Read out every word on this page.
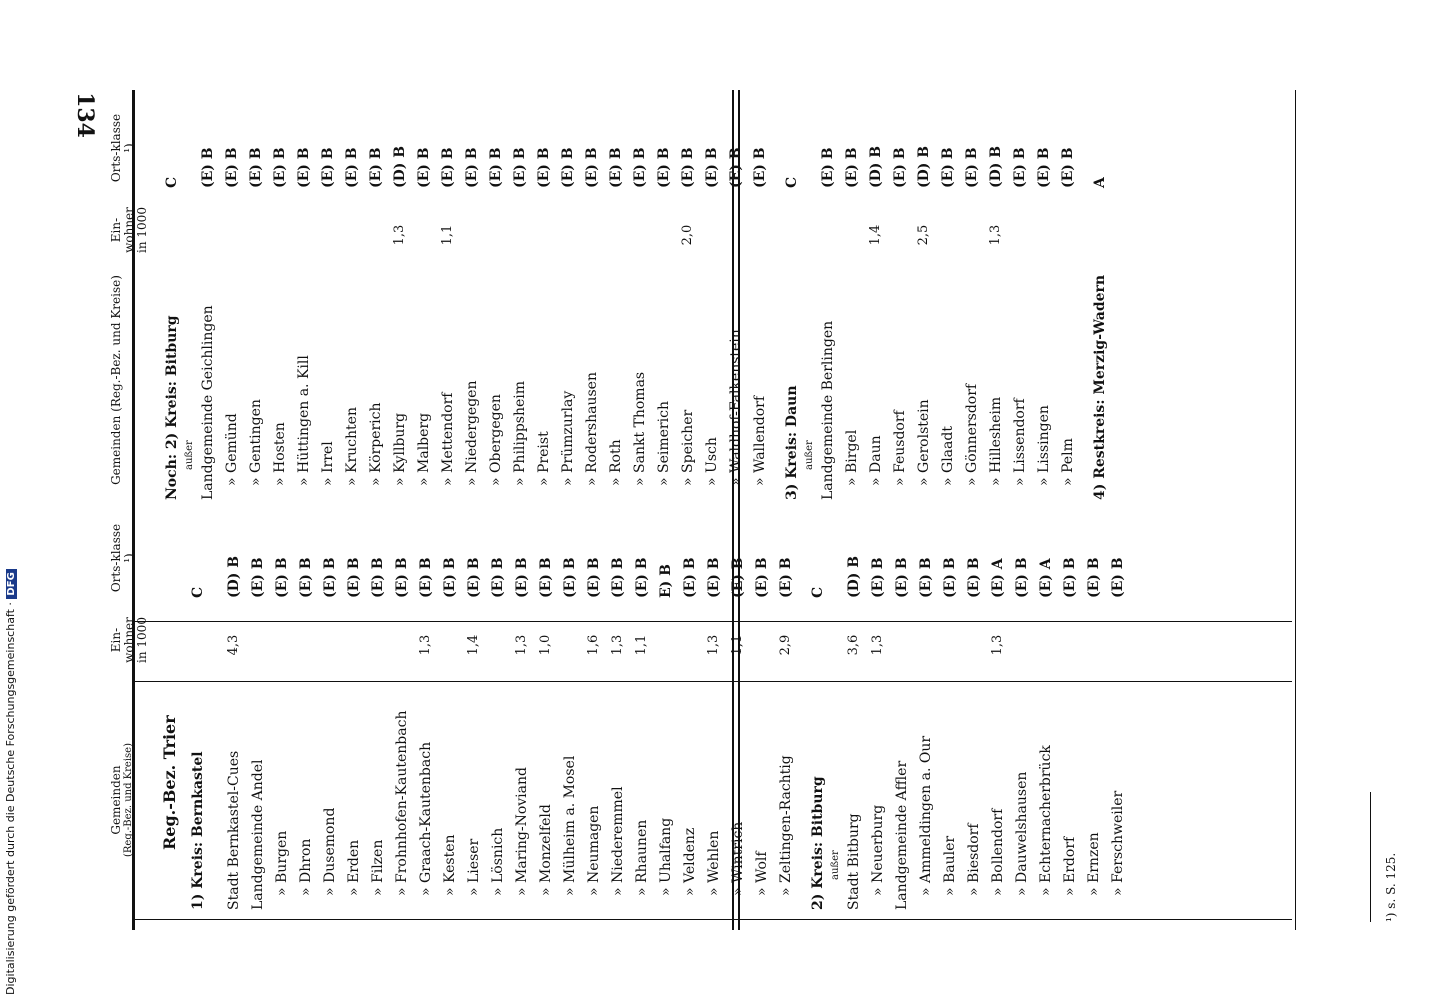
134
Gemeinden (Reg.-Bez. und Kreise) Reg.-Bez. Trier 1) Kreis: Bernkastel
C
Stadt Bernkastel-Cues
4,3
(D) B
Landgemeinde Andel
(E) B
» Burgen
(E) B
» Dhron
(E) B
» Dusemond
(E) B
» Erden
(E) B
» Filzen
(E) B
» Frohnhofen-Kautenbach
(E) B
» Graach-Kautenbach
1,3
(E) B
» Kesten
(E) B
» Lieser
1,4
(E) B
» Lösnich
(E) B
» Maring-Noviand
1,3
(E) B
» Monzelfeld
1,0
(E) B
» Mülheim a. Mosel
(E) B
» Neumagen
1,6
(E) B
» Niederemmel
1,3
(E) B
» Rhaunen
1,1
(E) B
» Uhalfang
E) B
» Veldenz
(E) B
» Wehlen
1,3
(E) B
» Wintrich
1,1
(E) B
» Wolf
(E) B
» Zeltingen-Rachtig
2,9
(E) B
2) Kreis: Bitburg
C
außer Stadt Bitburg
3,6
(D) B
» Neuerburg
1,3
(E) B
Landgemeinde Affler
(E) B
» Ammeldingen a. Our
(E) B
» Bauler
(E) B
» Biesdorf
(E) B
» Bollendorf
1,3
(E) A
» Dauwelshausen
(E) B
» Echternacherbrück
(E) A
» Erdorf
(E) B
» Ernzen
(E) B
» Ferschweiler
(E) B
Noch: 2) Kreis: Bitburg
C
außer Landgemeinde Geichlingen
(E) B
» Gemünd
(E) B
» Gentingen
(E) B
» Hosten
(E) B
» Hüttingen a. Kill
(E) B
» Irrel
(E) B
» Kruchten
(E) B
» Körperich
(E) B
» Kyllburg
1,3
(D) B
» Malberg
(E) B
» Mettendorf
1,1
(E) B
» Niedergegen
(E) B
» Obergegen
(E) B
» Philippsheim
(E) B
» Preist
(E) B
» Prümzurlay
(E) B
» Rodershausen
(E) B
» Roth
(E) B
» Sankt Thomas
(E) B
» Seimerich
(E) B
» Speicher
2,0
(E) B
» Usch
(E) B
» Waldhof-Falkenstein
(E) B
» Wallendorf
(E) B
3) Kreis: Daun
C
außer Landgemeinde Berlingen
(E) B
» Birgel
(E) B
» Daun
1,4
(D) B
» Feusdorf
(E) B
» Gerolstein
2,5
(D) B
» Glaadt
(E) B
» Gönnersdorf
(E) B
» Hillesheim
1,3
(D) B
» Lissendorf
(E) B
» Lissingen
(E) B
» Pelm
(E) B
4) Restkreis: Merzig-Wadern
A
Gemeinden (Reg.-Bez. und Kreise)
Ein-wohner in 1000
Orts-klasse ¹)
Ein-wohner in 1000
Orts-klasse ¹)
¹) s. S. 125.
Digitalisierung gefördert durch die Deutsche Forschungsgemeinschaft · DFG
